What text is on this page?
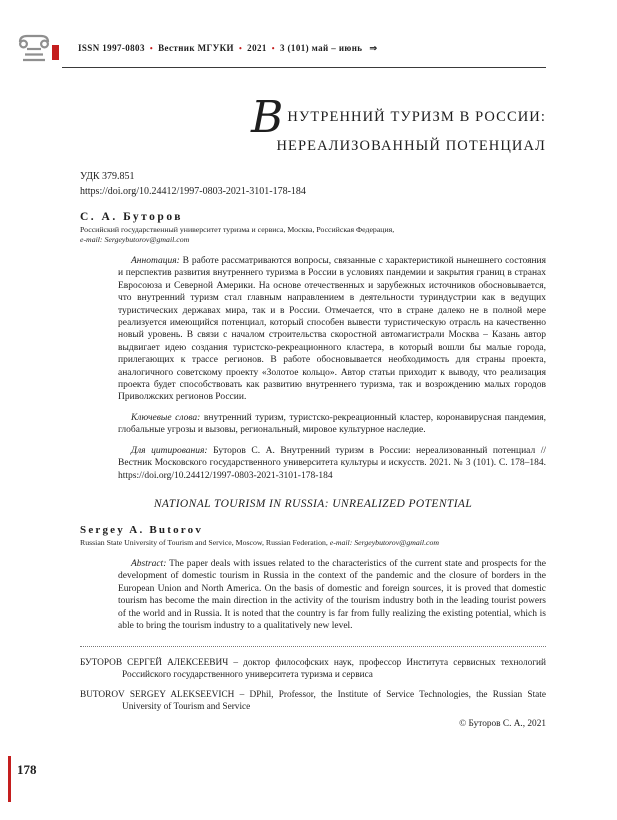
ISSN 1997-0803 • Вестник МГУКИ • 2021 • 3 (101) май – июнь ⇒
ВНУТРЕННИЙ ТУРИЗМ В РОССИИ:
НЕРЕАЛИЗОВАННЫЙ ПОТЕНЦИАЛ
УДК 379.851
https://doi.org/10.24412/1997-0803-2021-3101-178-184
С. А. Буторов
Российский государственный университет туризма и сервиса, Москва, Российская Федерация,
e-mail: Sergeybutorov@gmail.com

Аннотация: В работе рассматриваются вопросы, связанные с характеристикой нынешнего состояния и перспектив развития внутреннего туризма в России в условиях пандемии и закрытия границ в странах Евросоюза и Северной Америки. На основе отечественных и зарубежных источников обосновывается, что внутренний туризм стал главным направлением в деятельности туриндустрии как в ведущих туристических державах мира, так и в России. Отмечается, что в стране далеко не в полной мере реализуется имеющийся потенциал, который способен вывести туристическую отрасль на качественно новый уровень. В связи с началом строительства скоростной автомагистрали Москва – Казань автор выдвигает идею создания туристско-рекреационного кластера, в который вошли бы малые города, прилегающих к трассе регионов. В работе обосновывается необходимость для страны проекта, аналогичного советскому проекту «Золотое кольцо». Автор статьи приходит к выводу, что реализация проекта будет способствовать как развитию внутреннего туризма, так и возрождению малых городов Приволжских регионов России.

Ключевые слова: внутренний туризм, туристско-рекреационный кластер, коронавирусная пандемия, глобальные угрозы и вызовы, региональный, мировое культурное наследие.

Для цитирования: Буторов С. А. Внутренний туризм в России: нереализованный потенциал // Вестник Московского государственного университета культуры и искусств. 2021. № 3 (101). С. 178–184. https://doi.org/10.24412/1997-0803-2021-3101-178-184

NATIONAL TOURISM IN RUSSIA: UNREALIZED POTENTIAL
Sergey A. Butorov
Russian State University of Tourism and Service, Moscow, Russian Federation, e-mail: Sergeybutorov@gmail.com

Abstract: The paper deals with issues related to the characteristics of the current state and prospects for the development of domestic tourism in Russia in the context of the pandemic and the closure of borders in the European Union and North America. On the basis of domestic and foreign sources, it is proved that domestic tourism has become the main direction in the activity of the tourism industry both in the leading tourist powers of the world and in Russia. It is noted that the country is far from fully realizing the existing potential, which is able to bring the tourism industry to a qualitatively new level.

БУТОРОВ СЕРГЕЙ АЛЕКСЕЕВИЧ – доктор философских наук, профессор Института сервисных технологий Российского государственного университета туризма и сервиса

BUTOROV SERGEY ALEKSEEVICH – DPhil, Professor, the Institute of Service Technologies, the Russian State University of Tourism and Service

© Буторов С. А., 2021
178
